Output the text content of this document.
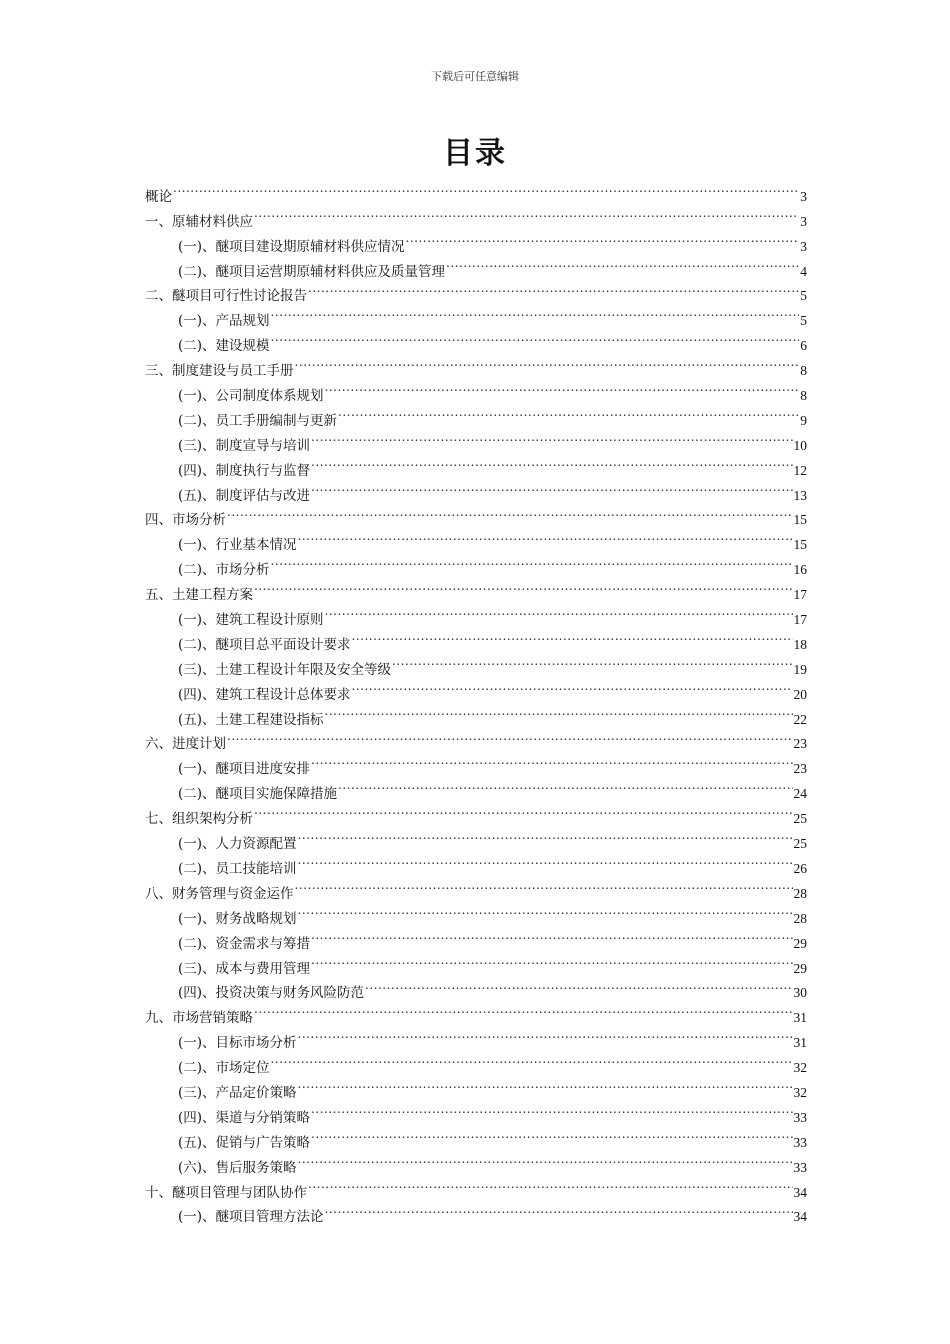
下载后可任意编辑
目录
概论 .....	3
一、原辅材料供应 .....	3
(一)、醚项目建设期原辅材料供应情况 .....	3
(二)、醚项目运营期原辅材料供应及质量管理 .....	4
二、醚项目可行性讨论报告 .....	5
(一)、产品规划 .....	5
(二)、建设规模 .....	6
三、制度建设与员工手册 .....	8
(一)、公司制度体系规划 .....	8
(二)、员工手册编制与更新 .....	9
(三)、制度宣导与培训 .....	10
(四)、制度执行与监督 .....	12
(五)、制度评估与改进 .....	13
四、市场分析 .....	15
(一)、行业基本情况 .....	15
(二)、市场分析 .....	16
五、土建工程方案 .....	17
(一)、建筑工程设计原则 .....	17
(二)、醚项目总平面设计要求 .....	18
(三)、土建工程设计年限及安全等级 .....	19
(四)、建筑工程设计总体要求 .....	20
(五)、土建工程建设指标 .....	22
六、进度计划 .....	23
(一)、醚项目进度安排 .....	23
(二)、醚项目实施保障措施 .....	24
七、组织架构分析 .....	25
(一)、人力资源配置 .....	25
(二)、员工技能培训 .....	26
八、财务管理与资金运作 .....	28
(一)、财务战略规划 .....	28
(二)、资金需求与筹措 .....	29
(三)、成本与费用管理 .....	29
(四)、投资决策与财务风险防范 .....	30
九、市场营销策略 .....	31
(一)、目标市场分析 .....	31
(二)、市场定位 .....	32
(三)、产品定价策略 .....	32
(四)、渠道与分销策略 .....	33
(五)、促销与广告策略 .....	33
(六)、售后服务策略 .....	33
十、醚项目管理与团队协作 .....	34
(一)、醚项目管理方法论 .....	34
